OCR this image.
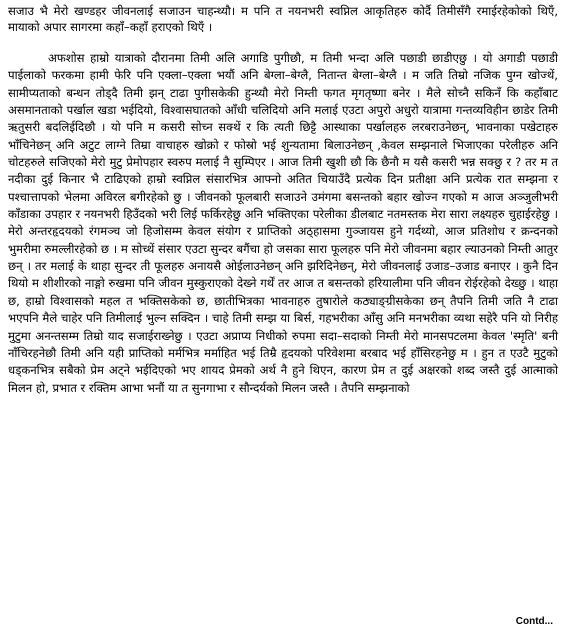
सजाउ भै मेरो खण्डहर जीवनलाई सजाउन चाहन्थ्यौ। म पनि त नयनभरी स्वप्निल आकृतिहरु कोर्दै तिमीसँगै रमाईरहेकोको थिएँ, मायाको अपार सागरमा कहाँ–कहाँ हराएको थिएँ ।

अफशोस हाम्रो यात्राको दौरानमा तिमी अलि अगाडि पुगीछौ, म तिमी भन्दा अलि पछाडी छाडीएछु । यो अगाडी पछाडी पाईलाको फरकमा हामी फेरि पनि एक्ला–एक्ला भयौं अनि बेग्ला–बेग्लै, नितान्त बेग्ला–बेग्लै । म जति तिम्रो नजिक पुग्न खोज्थें, सामीप्यताको बन्धन तोड्दै तिमी झन् टाढा पुगीसकेकी हुन्थ्यौ मेरो निम्ती फगत मृगतृष्णा बनेर । मैले सोच्नै सकिनँ कि कहाँबाट असमानताको पर्खाल खडा भईदियो, विश्वासघातको आँधी चलिदियो अनि मलाई एउटा अपुरो अधुरो यात्रामा गन्तव्यविहीन छाडेर तिमी ऋतुसरी बदलिईदिछौ । यो पनि म कसरी सोच्न सक्थें र कि त्यती छिट्टै आस्थाका पर्खालहरु लरबराउनेछन्, भावनाका पखेटाहरु भाँचिनेछन् अनि अटुट लाग्ने तिम्रा वाचाहरु खोक्रो र फोस्रो भई शुन्यतामा बिलाउनेछन् ,केवल सम्झनाले भिजाएका परेलीहरु अनि चोटहरुले सजिएको मेरो मुटु प्रेमोपहार स्वरुप मलाई नै सुम्पिएर । आज तिमी खुशी छौ कि छैनौ म यसै कसरी भन्न सक्छु र ? तर म त नदीका दुई किनार भै टाढिएको हाम्रो स्वप्निल संसारभित्र आफ्नो अतित चियाउँदै प्रत्येक दिन प्रतीक्षा अनि प्रत्येक रात सम्झना र पश्चात्तापको भेलमा अविरल बगीरहेको छु । जीवनको फूलबारी सजाउने उमंगमा बसन्तको बहार खोज्न गएको म आज अञ्जुलीभरी काँडाका उपहार र नयनभरी हिउँदको भरी लिई फर्किरहेछु अनि भक्तिएका परेलीका डीलबाट नतमस्तक मेरा सारा लक्ष्यहरु चुहाईरहेछु । मेरो अन्तरहृदयको रंगमञ्च जो हिजोसम्म केवल संयोग र प्राप्तिको अठ्हासमा गुञ्जायस हुने गर्दथ्यो, आज प्रतिशोध र क्रन्दनको भुमरीमा रुमल्लीरहेको छ । म सोच्थें संसार एउटा सुन्दर बगैंचा हो जसका सारा फूलहरु पनि मेरो जीवनमा बहार ल्याउनको निम्ती आतुर छन् । तर मलाई के थाहा सुन्दर ती फूलहरु अनायसै ओईलाउनेछन् अनि झरिदिनेछन्, मेरो जीवनलाई उजाड–उजाड बनाएर । कुनै दिन थियो म शीशीरको नाङ्गो रुखमा पनि जीवन मुस्कुराएको देख्ने गर्थें तर आज त बसन्तको हरियालीमा पनि जीवन रोईरहेको देख्छु । थाहा छ, हाम्रो विश्वासको महल त भक्तिसकेको छ, छातीभित्रका भावनाहरु तुषारोले कठ्याङ्ग्रीसकेका छन् तैपनि तिमी जति नै टाढा भएपनि मैले चाहेर पनि तिमीलाई भुल्न सक्दिन । चाहे तिमी सम्झ या बिर्स, गहभरीका आँसु अनि मनभरीका व्यथा सहेरै पनि यो निरीह मुटुमा अनन्तसम्म तिम्रो याद सजाईराख्नेछु । एउटा अप्राप्य निधीको रुपमा सदा–सदाको निम्ती मेरो मानसपटलमा केवल 'स्मृति' बनी नाँचिरहनेछौ तिमी अनि यही प्राप्तिको मर्मभित्र मर्माहित भई तिम्रै हृदयको परिवेशमा बरबाद भई हाँसिरहनेछु म । हुन त एउटै मुटुको धड्कनभित्र सबैको प्रेम अट्ने भईदिएको भए शायद प्रेमको अर्थ नै हुने थिएन, कारण प्रेम त दुई अक्षरको शब्द जस्तै दुई आत्माको मिलन हो, प्रभात र रक्तिम आभा भनौं या त सुनगाभा र सौन्दर्यको मिलन जस्तै । तैपनि सम्झनाको

Contd...
